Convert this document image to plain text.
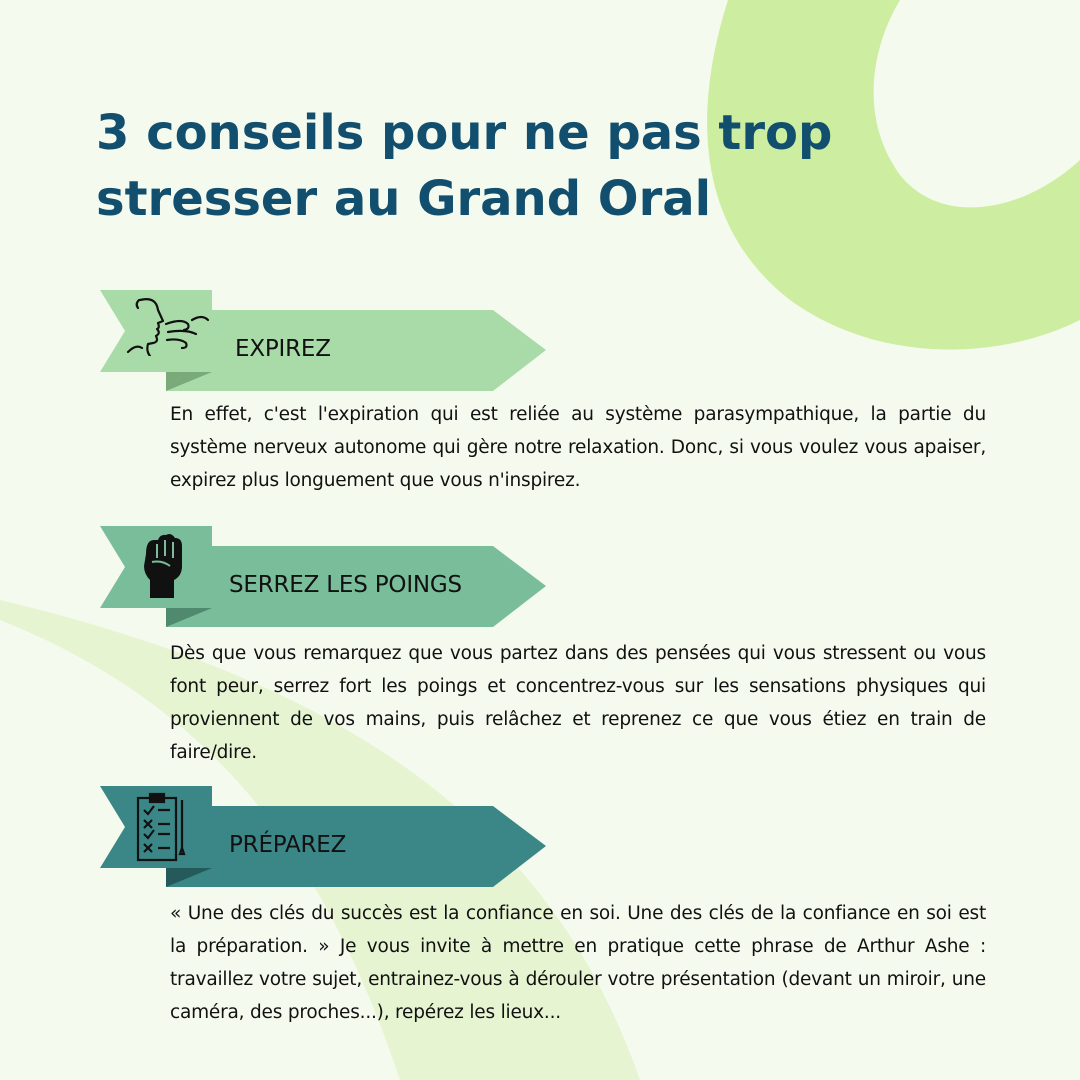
3 conseils pour ne pas trop
stresser au Grand Oral
EXPIREZ

En effet, c'est l'expiration qui est reliée au système parasympathique, la partie du système nerveux autonome qui gère notre relaxation. Donc, si vous voulez vous apaiser, expirez plus longuement que vous n'inspirez.

SERREZ LES POINGS

Dès que vous remarquez que vous partez dans des pensées qui vous stressent ou vous font peur, serrez fort les poings et concentrez-vous sur les sensations physiques qui proviennent de vos mains, puis relâchez et reprenez ce que vous étiez en train de faire/dire.

PRÉPAREZ

« Une des clés du succès est la confiance en soi. Une des clés de la confiance en soi est la préparation. » Je vous invite à mettre en pratique cette phrase de Arthur Ashe : travaillez votre sujet, entrainez-vous à dérouler votre présentation (devant un miroir, une caméra, des proches...), repérez les lieux...
